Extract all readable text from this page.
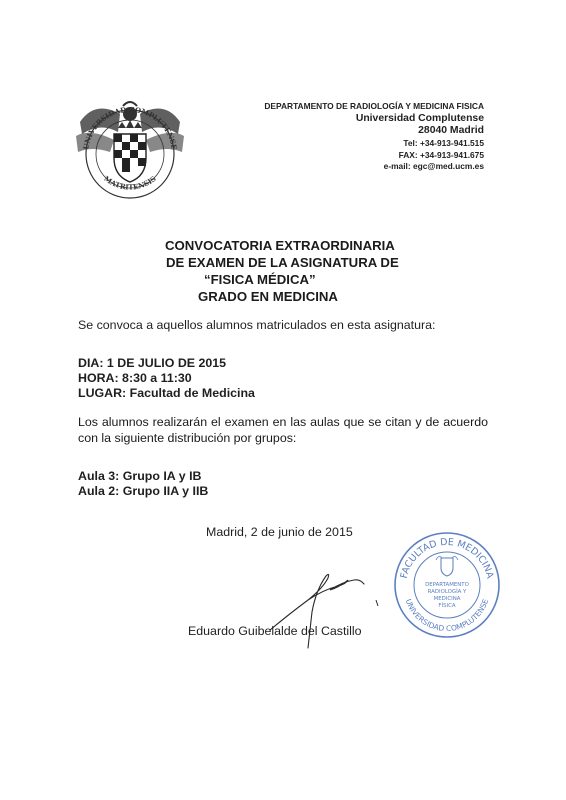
UNIVERSIDAD COMPLUTENSE
MATRITENSIS
DEPARTAMENTO DE RADIOLOGÍA Y MEDICINA FISICA
Universidad Complutense
28040 Madrid
Tel: +34-913-941.515
FAX: +34-913-941.675
e-mail: egc@med.ucm.es
CONVOCATORIA EXTRAORDINARIA
DE EXAMEN DE LA ASIGNATURA DE
“FISICA MÉDICA”
GRADO EN MEDICINA
Se convoca a aquellos alumnos matriculados en esta asignatura:
DIA: 1 DE JULIO DE 2015
HORA: 8:30 a 11:30
LUGAR: Facultad de Medicina
Los alumnos realizarán el examen en las aulas que se citan y de acuerdo con la siguiente distribución por grupos:
Aula 3: Grupo IA y IB
Aula 2: Grupo IIA y IIB
Madrid, 2 de junio de 2015
Eduardo Guibelalde del Castillo
FACULTAD DE MEDICINA
UNIVERSIDAD COMPLUTENSE
DEPARTAMENTO
RADIOLOGÍA Y
MEDICINA
FÍSICA
